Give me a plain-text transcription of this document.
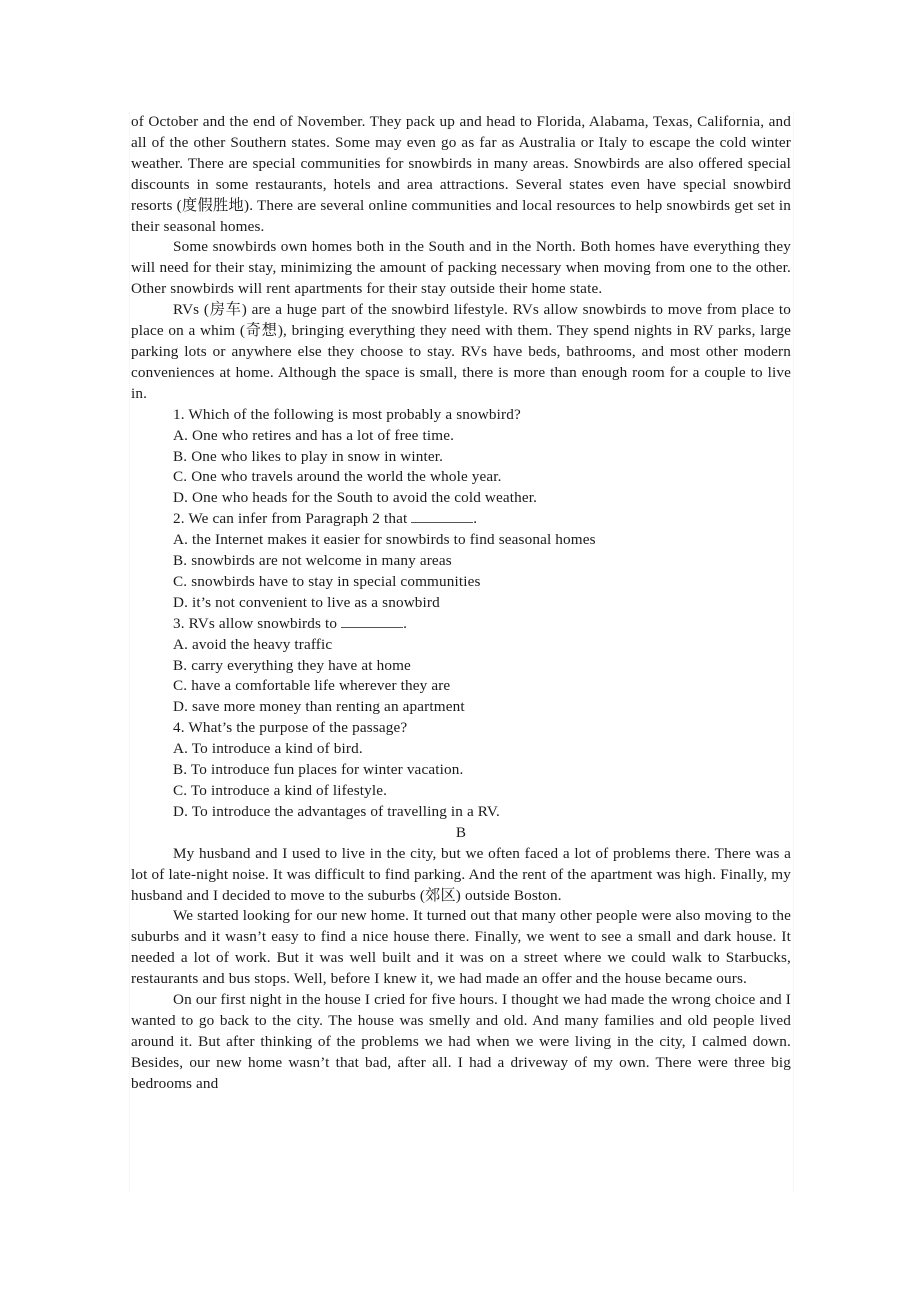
of October and the end of November. They pack up and head to Florida, Alabama, Texas, California, and all of the other Southern states. Some may even go as far as Australia or Italy to escape the cold winter weather. There are special communities for snowbirds in many areas. Snowbirds are also offered special discounts in some restaurants, hotels and area attractions. Several states even have special snowbird resorts (度假胜地). There are several online communities and local resources to help snowbirds get set in their seasonal homes.

Some snowbirds own homes both in the South and in the North. Both homes have everything they will need for their stay, minimizing the amount of packing necessary when moving from one to the other. Other snowbirds will rent apartments for their stay outside their home state.

RVs (房车) are a huge part of the snowbird lifestyle. RVs allow snowbirds to move from place to place on a whim (奇想), bringing everything they need with them. They spend nights in RV parks, large parking lots or anywhere else they choose to stay. RVs have beds, bathrooms, and most other modern conveniences at home. Although the space is small, there is more than enough room for a couple to live in.

1. Which of the following is most probably a snowbird?

A. One who retires and has a lot of free time.

B. One who likes to play in snow in winter.

C. One who travels around the world the whole year.

D. One who heads for the South to avoid the cold weather.

2. We can infer from Paragraph 2 that	.

A. the Internet makes it easier for snowbirds to find seasonal homes

B. snowbirds are not welcome in many areas

C. snowbirds have to stay in special communities

D. it’s not convenient to live as a snowbird

3. RVs allow snowbirds to	.

A. avoid the heavy traffic

B. carry everything they have at home

C. have a comfortable life wherever they are

D. save more money than renting an apartment

4. What’s the purpose of the passage?

A. To introduce a kind of bird.

B. To introduce fun places for winter vacation.

C. To introduce a kind of lifestyle.

D. To introduce the advantages of travelling in a RV.

B

My husband and I used to live in the city, but we often faced a lot of problems there. There was a lot of late-night noise. It was difficult to find parking. And the rent of the apartment was high. Finally, my husband and I decided to move to the suburbs (郊区) outside Boston.

We started looking for our new home. It turned out that many other people were also moving to the suburbs and it wasn’t easy to find a nice house there. Finally, we went to see a small and dark house. It needed a lot of work. But it was well built and it was on a street where we could walk to Starbucks, restaurants and bus stops. Well, before I knew it, we had made an offer and the house became ours.

On our first night in the house I cried for five hours. I thought we had made the wrong choice and I wanted to go back to the city. The house was smelly and old. And many families and old people lived around it. But after thinking of the problems we had when we were living in the city, I calmed down. Besides, our new home wasn’t that bad, after all. I had a driveway of my own. There were three big bedrooms and
